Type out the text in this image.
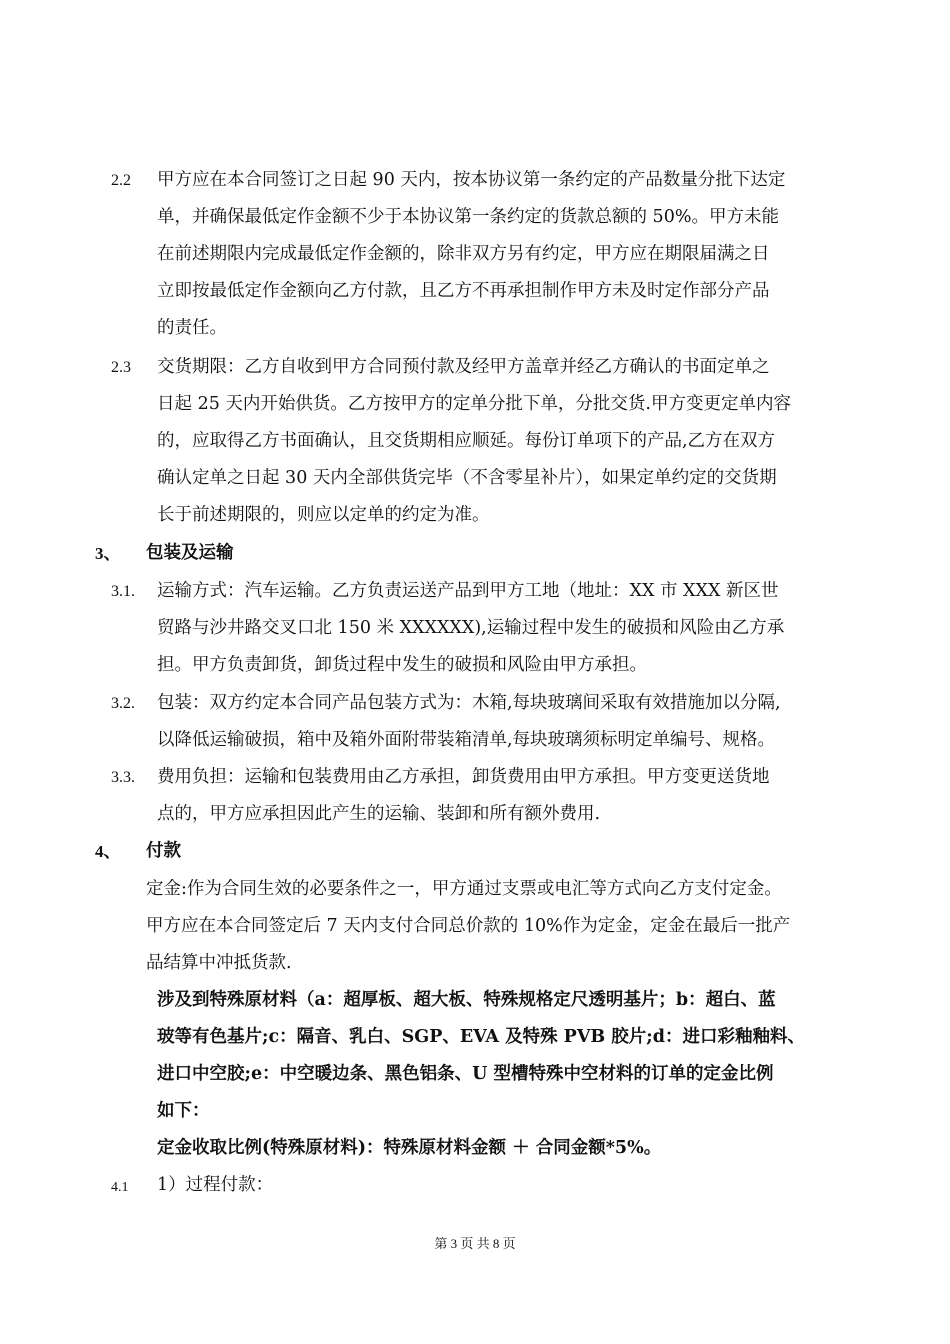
2.2 甲方应在本合同签订之日起 90 天内，按本协议第一条约定的产品数量分批下达定
单，并确保最低定作金额不少于本协议第一条约定的货款总额的 50%。甲方未能
在前述期限内完成最低定作金额的，除非双方另有约定，甲方应在期限届满之日
立即按最低定作金额向乙方付款，且乙方不再承担制作甲方未及时定作部分产品
的责任。
2.3 交货期限：乙方自收到甲方合同预付款及经甲方盖章并经乙方确认的书面定单之
日起 25 天内开始供货。乙方按甲方的定单分批下单，分批交货.甲方变更定单内容
的，应取得乙方书面确认，且交货期相应顺延。每份订单项下的产品,乙方在双方
确认定单之日起 30 天内全部供货完毕（不含零星补片），如果定单约定的交货期
长于前述期限的，则应以定单的约定为准。
3、 包装及运输
3.1. 运输方式：汽车运输。乙方负责运送产品到甲方工地（地址：XX 市 XXX 新区世
贸路与沙井路交叉口北 150 米 XXXXXX),运输过程中发生的破损和风险由乙方承
担。甲方负责卸货，卸货过程中发生的破损和风险由甲方承担。
3.2. 包装：双方约定本合同产品包装方式为：木箱,每块玻璃间采取有效措施加以分隔,
以降低运输破损，箱中及箱外面附带装箱清单,每块玻璃须标明定单编号、规格。
3.3. 费用负担：运输和包装费用由乙方承担，卸货费用由甲方承担。甲方变更送货地
点的，甲方应承担因此产生的运输、装卸和所有额外费用.
4、 付款
定金:作为合同生效的必要条件之一，甲方通过支票或电汇等方式向乙方支付定金。
甲方应在本合同签定后 7 天内支付合同总价款的 10%作为定金，定金在最后一批产
品结算中冲抵货款.
涉及到特殊原材料（a：超厚板、超大板、特殊规格定尺透明基片；b：超白、蓝
玻等有色基片;c：隔音、乳白、SGP、EVA 及特殊 PVB 胶片;d：进口彩釉釉料、
进口中空胶;e：中空暖边条、黑色铝条、U 型槽特殊中空材料的订单的定金比例
如下：
定金收取比例(特殊原材料)：特殊原材料金额 ＋ 合同金额*5%。
4.1 1）过程付款：
第 3 页 共 8 页
